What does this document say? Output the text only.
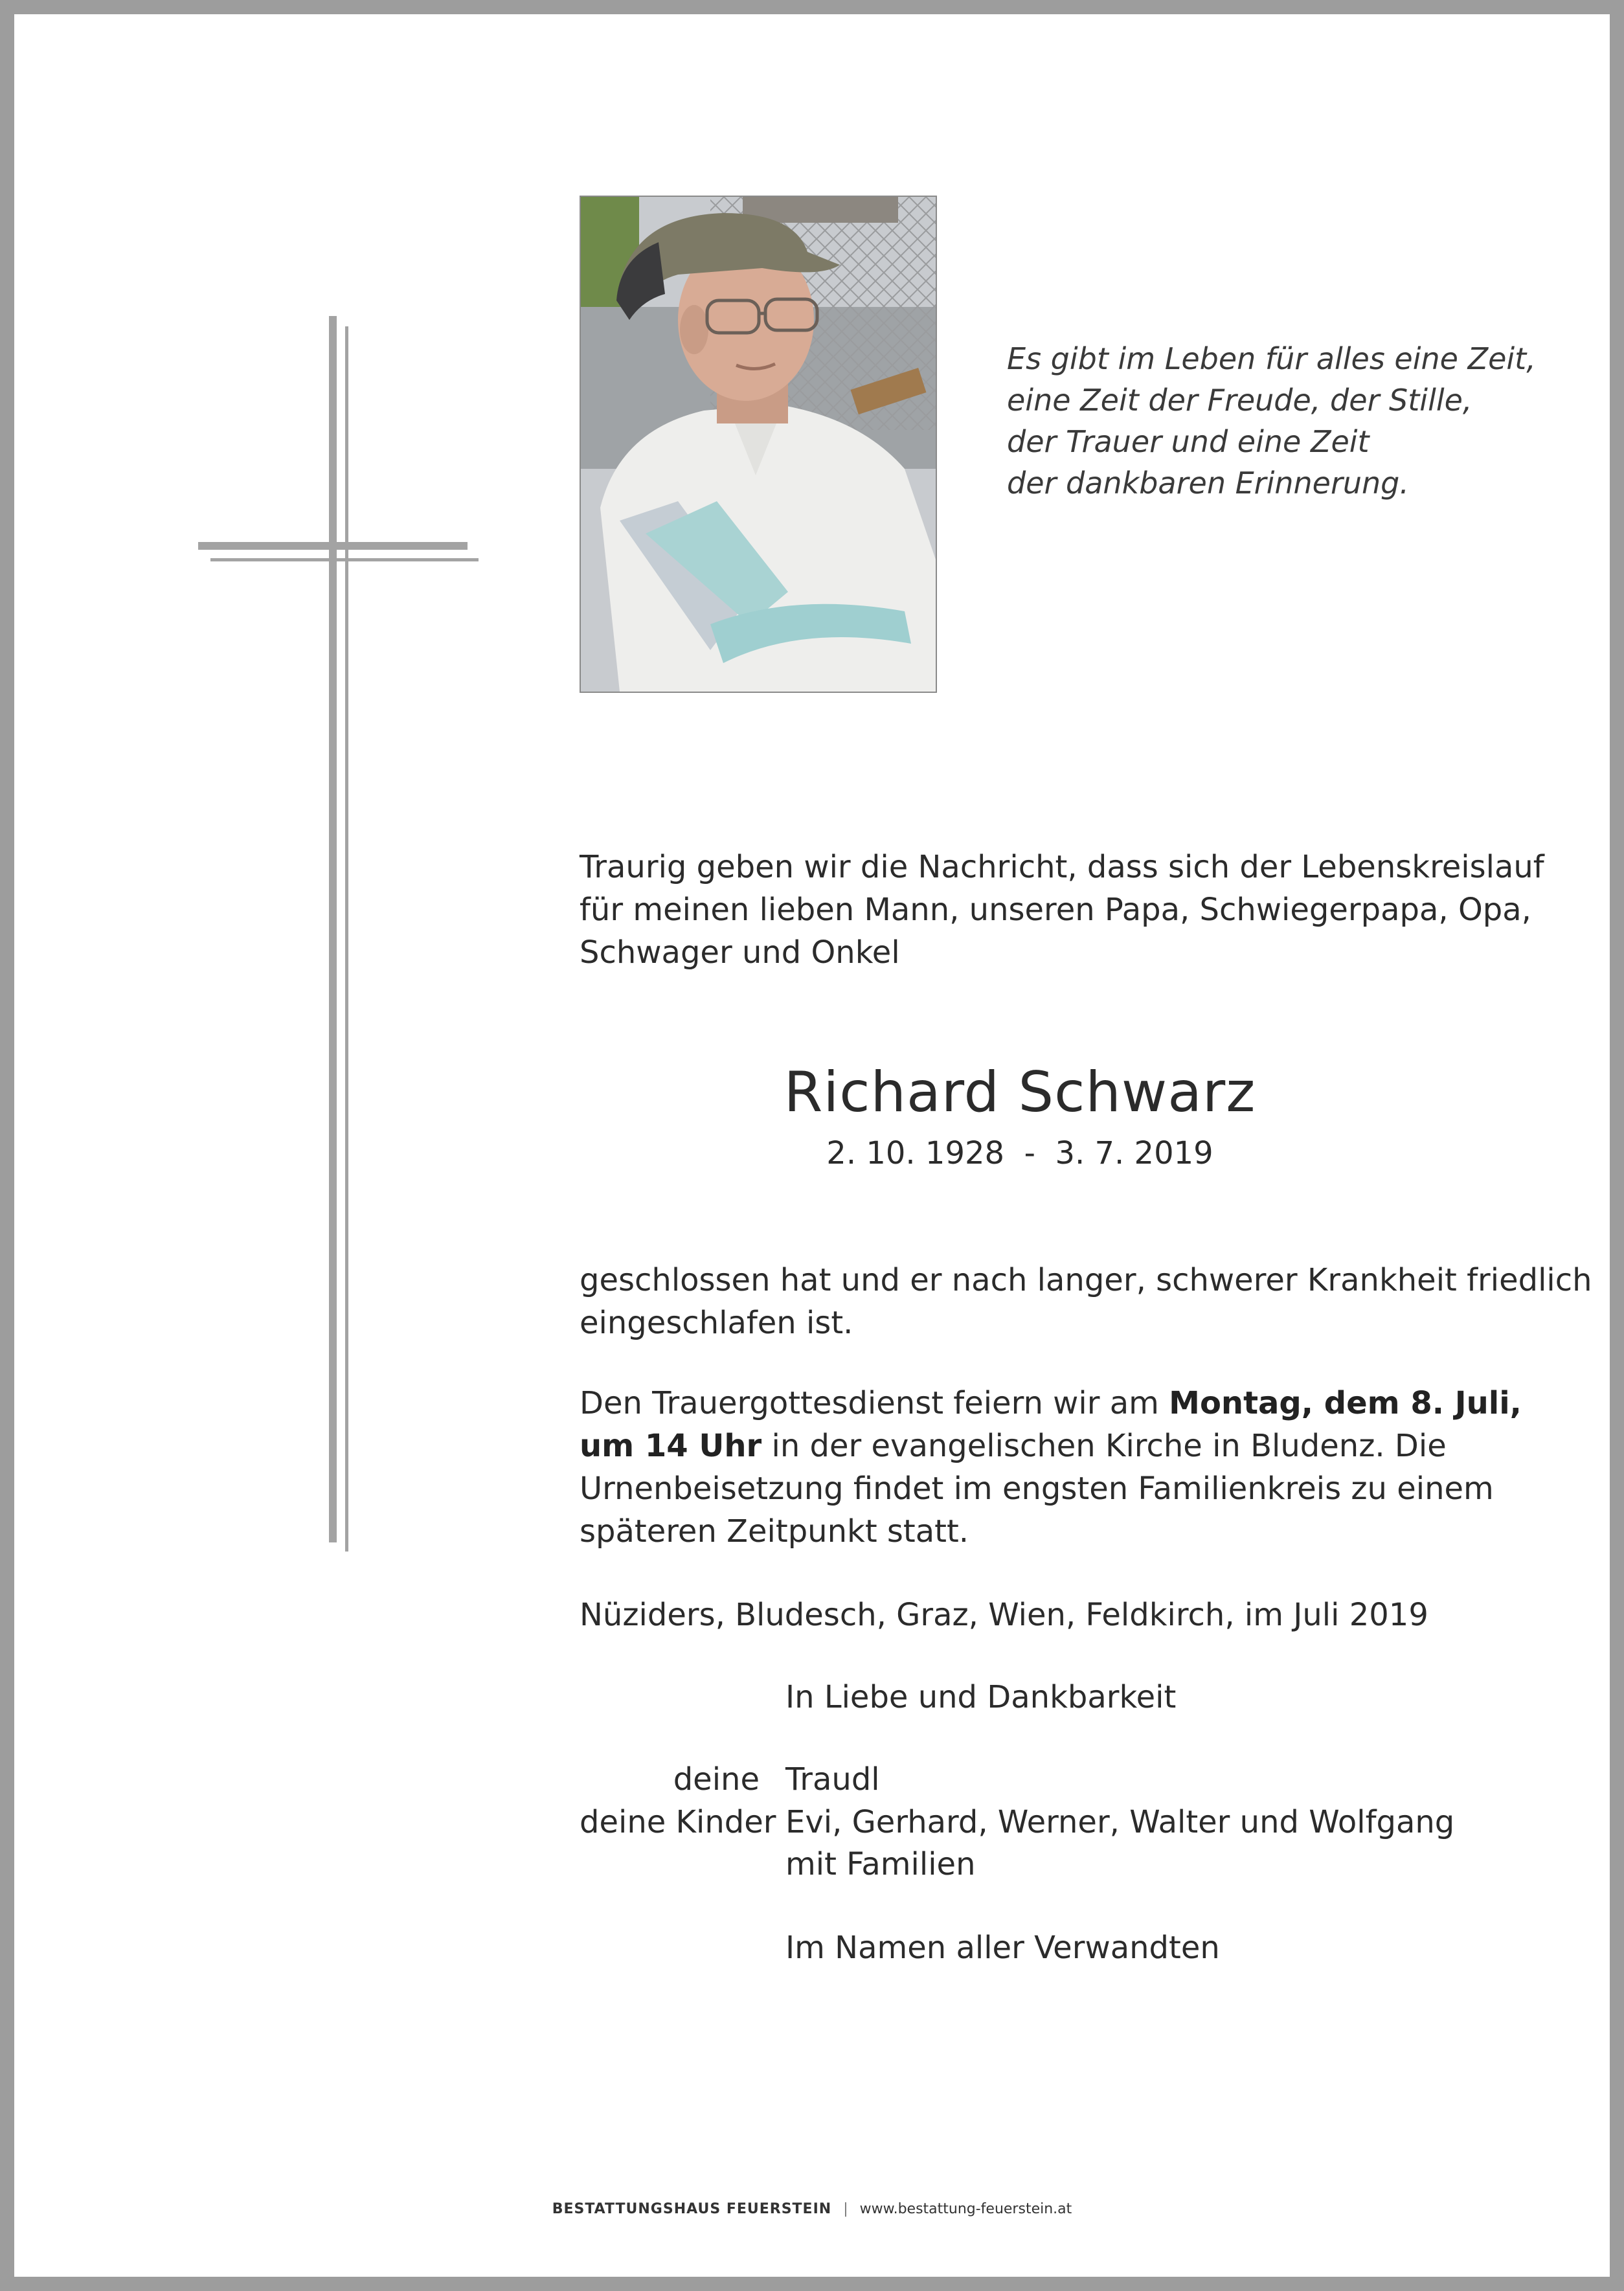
Es gibt im Leben für alles eine Zeit,
eine Zeit der Freude, der Stille,
der Trauer und eine Zeit
der dankbaren Erinnerung.
Traurig geben wir die Nachricht, dass sich der Lebenskreislauf
für meinen lieben Mann, unseren Papa, Schwiegerpapa, Opa,
Schwager und Onkel
Richard Schwarz
2. 10. 1928  -  3. 7. 2019
geschlossen hat und er nach langer, schwerer Krankheit friedlich
eingeschlafen ist.
Den Trauergottesdienst feiern wir am Montag, dem 8. Juli,
um 14 Uhr in der evangelischen Kirche in Bludenz. Die
Urnenbeisetzung findet im engsten Familienkreis zu einem
späteren Zeitpunkt statt.
Nüziders, Bludesch, Graz, Wien, Feldkirch, im Juli 2019
In Liebe und Dankbarkeit
deine Traudl
deine Kinder Evi, Gerhard, Werner, Walter und Wolfgang
mit Familien
Im Namen aller Verwandten
BESTATTUNGSHAUS FEUERSTEIN | www.bestattung-feuerstein.at
